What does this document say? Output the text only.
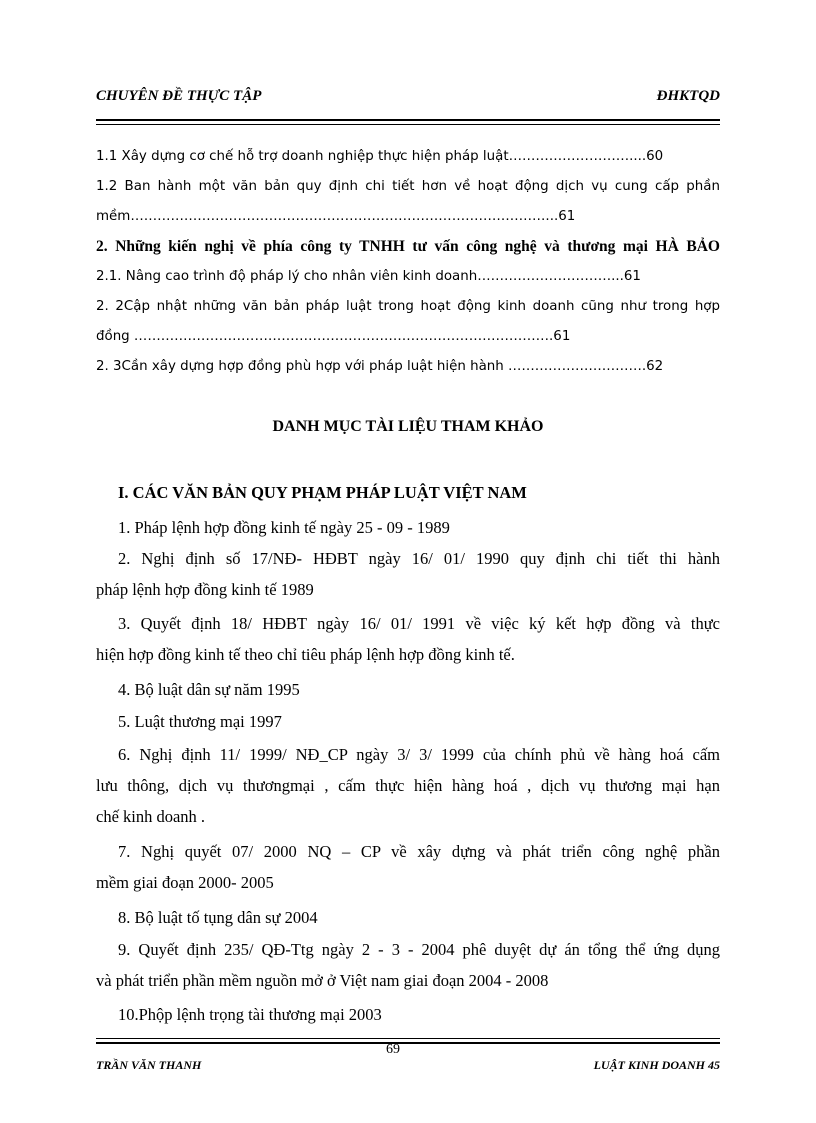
CHUYÊN ĐỀ THỰC TẬP	ĐHKTQD
1.1 Xây dựng cơ chế hỗ trợ doanh nghiệp thực hiện pháp luật………………………....60
1.2 Ban hành một văn bản quy định chi tiết hơn về hoạt động dịch vụ cung cấp phần
mềm…………………………………………………………………………………...61
2. Những kiến nghị về phía công ty TNHH tư vấn công nghệ và thương mại HÀ BẢO
2.1. Nâng cao trình độ pháp lý cho nhân viên kinh doanh…………………………...61
2. 2Cập nhật những văn bản pháp luật trong hoạt động kinh doanh cũng như trong hợp
đồng ………………………………………………………………………………….61
2. 3Cần xây dựng hợp đồng phù hợp với pháp luật hiện hành ………………………….62
DANH MỤC TÀI LIỆU THAM KHẢO
I. CÁC VĂN BẢN QUY PHẠM PHÁP LUẬT VIỆT NAM
1. Pháp lệnh hợp đồng kinh tế ngày 25 - 09 - 1989
2. Nghị định số 17/NĐ- HĐBT ngày 16/ 01/ 1990 quy định chi tiết thi hành
pháp lệnh hợp đồng kinh tế 1989
3. Quyết định 18/ HĐBT ngày 16/ 01/ 1991 về việc ký kết hợp đồng và thực
hiện hợp đồng kinh tế theo chỉ tiêu pháp lệnh hợp đồng kinh tế.
4. Bộ luật dân sự năm 1995
5. Luật thương mại 1997
6. Nghị định 11/ 1999/ NĐ_CP ngày 3/ 3/ 1999 của chính phủ về hàng hoá cấm
lưu thông, dịch vụ thươngmại , cấm thực hiện hàng hoá , dịch vụ thương mại hạn
chế kinh doanh .
7. Nghị quyết 07/ 2000 NQ – CP về xây dựng và phát triển công nghệ phần
mềm giai đoạn 2000- 2005
8. Bộ luật tố tụng dân sự 2004
9. Quyết định 235/ QĐ-Ttg ngày 2 - 3 - 2004 phê duyệt dự án tổng thể ứng dụng
và phát triển phần mềm nguồn mở ở Việt nam giai đoạn 2004 - 2008
10.Phộp lệnh trọng tài thương mại 2003
TRẦN VĂN THANH
69
LUẬT KINH DOANH 45
